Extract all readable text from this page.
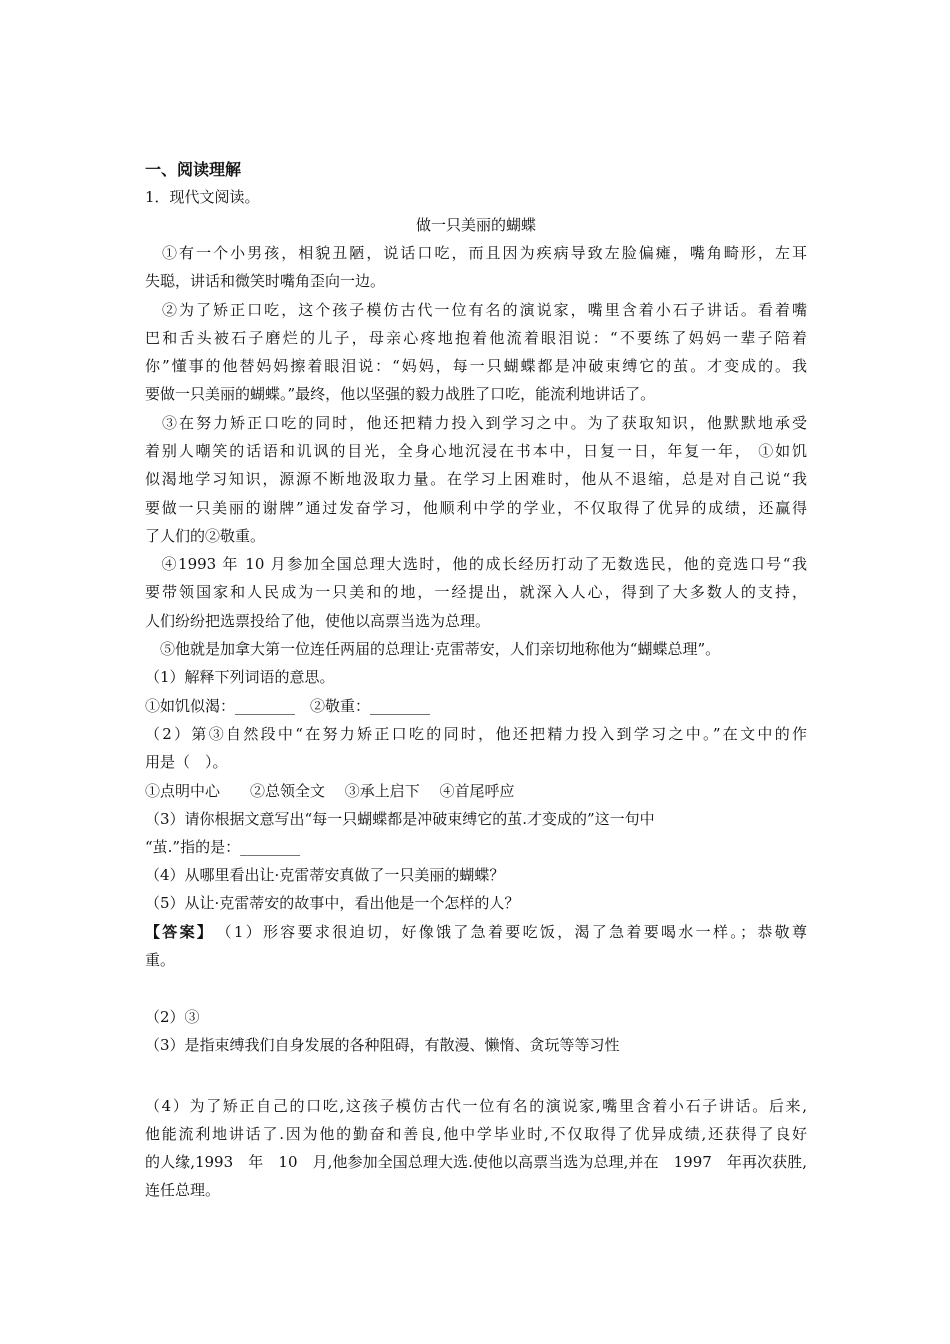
一、阅读理解
1．现代文阅读。
做一只美丽的蝴蝶
　①有一个小男孩，相貌丑陋，说话口吃，而且因为疾病导致左脸偏瘫，嘴角畸形，左耳
失聪，讲话和微笑时嘴角歪向一边。
　②为了矫正口吃，这个孩子模仿古代一位有名的演说家，嘴里含着小石子讲话。看着嘴
巴和舌头被石子磨烂的儿子，母亲心疼地抱着他流着眼泪说：“不要练了妈妈一辈子陪着
你”懂事的他替妈妈擦着眼泪说：“妈妈，每一只蝴蝶都是冲破束缚它的茧。才变成的。我
要做一只美丽的蝴蝶。”最终，他以坚强的毅力战胜了口吃，能流利地讲话了。
　③在努力矫正口吃的同时，他还把精力投入到学习之中。为了获取知识，他默默地承受
着别人嘲笑的话语和讥讽的目光，全身心地沉浸在书本中，日复一日，年复一年， ①如饥
似渴地学习知识，源源不断地汲取力量。在学习上困难时，他从不退缩，总是对自己说“我
要做一只美丽的谢牌”通过发奋学习，他顺利中学的学业，不仅取得了优异的成绩，还赢得
了人们的②敬重。
　④1993 年 10 月参加全国总理大选时，他的成长经历打动了无数选民，他的竞选口号“我
要带领国家和人民成为一只美和的地，一经提出，就深入人心，得到了大多数人的支持，
人们纷纷把选票投给了他，使他以高票当选为总理。
　⑤他就是加拿大第一位连任两届的总理让·克雷蒂安，人们亲切地称他为“蝴蝶总理”。
（1）解释下列词语的意思。
①如饥似渴：________　②敬重：________
（2）第③自然段中“在努力矫正口吃的同时，他还把精力投入到学习之中。”在文中的作
用是（　）。
①点明中心　　②总领全文　 ③承上启下　 ④首尾呼应
（3）请你根据文意写出“每一只蝴蝶都是冲破束缚它的茧.才变成的”这一句中
“茧.”指的是：________
（4）从哪里看出让·克雷蒂安真做了一只美丽的蝴蝶？
（5）从让·克雷蒂安的故事中，看出他是一个怎样的人？
【答案】　（1）形容要求很迫切，好像饿了急着要吃饭，渴了急着要喝水一样。；恭敬尊
重。
（2）③
（3）是指束缚我们自身发展的各种阻碍，有散漫、懒惰、贪玩等等习性
（4）为了矫正自己的口吃,这孩子模仿古代一位有名的演说家,嘴里含着小石子讲话。后来,
他能流利地讲话了.因为他的勤奋和善良,他中学毕业时,不仅取得了优异成绩,还获得了良好
的人缘,1993　年　10　月,他参加全国总理大选.使他以高票当选为总理,并在　1997　年再次获胜,
连任总理。
